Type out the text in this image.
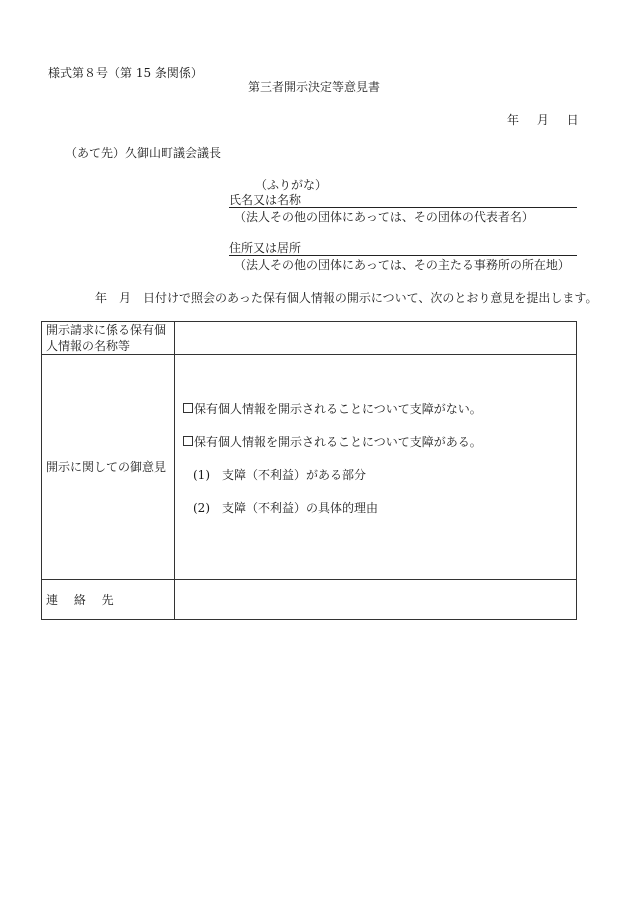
様式第８号（第 15 条関係）
第三者開示決定等意見書
年 月 日
（あて先）久御山町議会議長
（ふりがな）
氏名又は名称
（法人その他の団体にあっては、その団体の代表者名）
住所又は居所
（法人その他の団体にあっては、その主たる事務所の所在地）
年　月　日付けで照会のあった保有個人情報の開示について、次のとおり意見を提出します。
開示請求に係る保有個人情報の名称等	
開示に関しての御意見	保有個人情報を開示されることについて支障がない。
保有個人情報を開示されることについて支障がある。
(1)　支障（不利益）がある部分
(2)　支障（不利益）の具体的理由

連 絡 先	
